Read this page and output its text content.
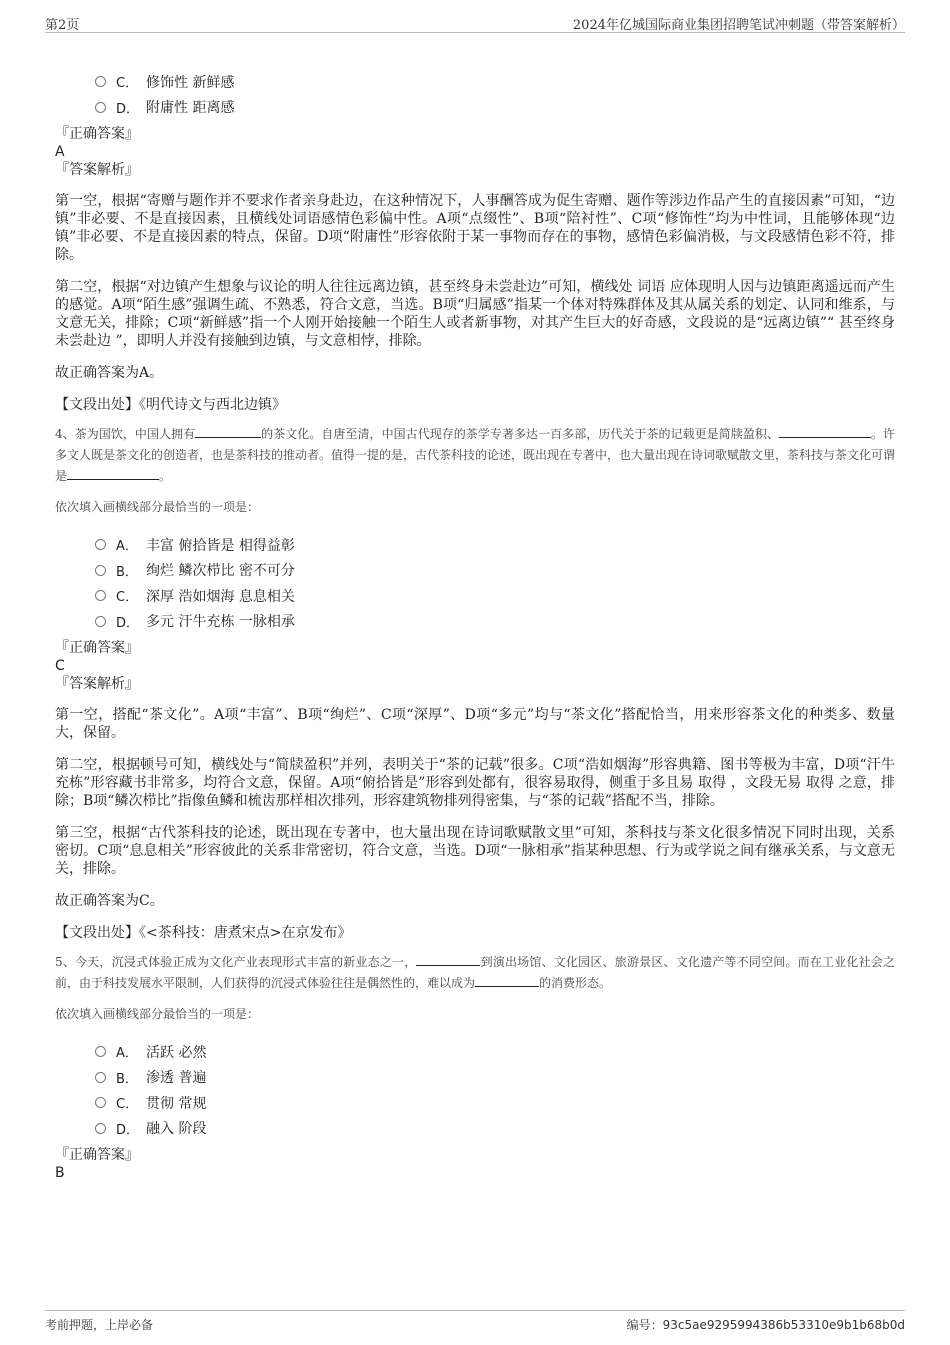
第2页	2024年亿城国际商业集团招聘笔试冲刺题（带答案解析）
C． 修饰性 新鲜感
D． 附庸性 距离感
『正确答案』
A
『答案解析』

第一空，根据“寄赠与题作并不要求作者亲身赴边，在这种情况下，人事酬答成为促生寄赠、题作等涉边作品产生的直接因素”可知，“边镇”非必要、不是直接因素，且横线处词语感情色彩偏中性。A项“点缀性”、B项“陪衬性”、C项“修饰性”均为中性词，且能够体现“边镇”非必要、不是直接因素的特点，保留。D项“附庸性”形容依附于某一事物而存在的事物，感情色彩偏消极，与文段感情色彩不符，排除。

第二空，根据“对边镇产生想象与议论的明人往往远离边镇，甚至终身未尝赴边”可知，横线处 词语 应体现明人因与边镇距离遥远而产生的感觉。A项“陌生感”强调生疏、不熟悉，符合文意，当选。B项“归属感”指某一个体对特殊群体及其从属关系的划定、认同和维系，与文意无关，排除；C项“新鲜感”指一个人刚开始接触一个陌生人或者新事物，对其产生巨大的好奇感，文段说的是“远离边镇”“ 甚至终身未尝赴边 ”，即明人并没有接触到边镇，与文意相悖，排除。

故正确答案为A。

【文段出处】《明代诗文与西北边镇》

4、茶为国饮，中国人拥有	的茶文化。自唐至清，中国古代现存的茶学专著多达一百多部，历代关于茶的记载更是简牍盈积、	。许多文人既是茶文化的创造者，也是茶科技的推动者。值得一提的是，古代茶科技的论述，既出现在专著中，也大量出现在诗词歌赋散文里，茶科技与茶文化可谓是	。

依次填入画横线部分最恰当的一项是：

A． 丰富 俯拾皆是 相得益彰
B． 绚烂 鳞次栉比 密不可分
C． 深厚 浩如烟海 息息相关
D． 多元 汗牛充栋 一脉相承
『正确答案』
C
『答案解析』

第一空，搭配“茶文化”。A项“丰富”、B项“绚烂”、C项“深厚”、D项“多元”均与“茶文化”搭配恰当，用来形容茶文化的种类多、数量大，保留。

第二空，根据顿号可知，横线处与“简牍盈积”并列，表明关于“茶的记载”很多。C项“浩如烟海”形容典籍、图书等极为丰富，D项“汗牛充栋”形容藏书非常多，均符合文意，保留。A项“俯拾皆是”形容到处都有，很容易取得，侧重于多且易 取得 ，文段无易 取得 之意，排除；B项“鳞次栉比”指像鱼鳞和梳齿那样相次排列，形容建筑物排列得密集，与“茶的记载”搭配不当，排除。

第三空，根据“古代茶科技的论述，既出现在专著中，也大量出现在诗词歌赋散文里”可知，茶科技与茶文化很多情况下同时出现，关系密切。C项“息息相关”形容彼此的关系非常密切，符合文意，当选。D项“一脉相承”指某种思想、行为或学说之间有继承关系，与文意无关，排除。

故正确答案为C。

【文段出处】《<茶科技：唐煮宋点>在京发布》

5、今天，沉浸式体验正成为文化产业表现形式丰富的新业态之一，	到演出场馆、文化园区、旅游景区、文化遗产等不同空间。而在工业化社会之前，由于科技发展水平限制，人们获得的沉浸式体验往往是偶然性的，难以成为	的消费形态。

依次填入画横线部分最恰当的一项是：

A． 活跃 必然
B． 渗透 普遍
C． 贯彻 常规
D． 融入 阶段
『正确答案』
B
考前押题，上岸必备	编号：93c5ae9295994386b53310e9b1b68b0d
